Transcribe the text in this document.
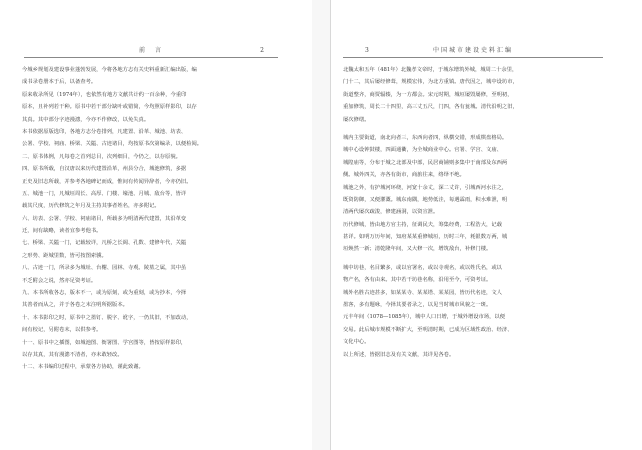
前　言	2
今城乡规划及建设事业蓬勃发展，今将各地方志有关史料重新汇编出版，编
成书录卷册本于后，以备查考。
原来收录所见（1974年），也依然有地方文献共计约一百余种，今重印
原本，且补列若干种。原书中若干部分缺叶或错简，今均照原样影印，以存
其真。其中部分字迹漫漶，今亦不作修改，以免失真。
本书依据原版选印，各地方志分卷排列，凡建置、沿革、城池、坊表、
公署、学校、祠庙、桥梁、关隘、古迹诸目，均按原书次第编录，以便检阅。
二、原书体例，凡每卷之首列总目，次列细目，今仍之，以存原貌。
四、原书所载，自汉唐以来历代建置沿革，州县分合，城池修筑，多据
正史及旧志所载，并参考各地碑记而成，惟间有传闻异辞者，今亦仍旧。
五、城池一门，凡城垣周长、高厚、门楼、壕池、月城、敌台等，皆详
载其尺度，历代修筑之年月及主持其事者姓名，亦多附记。
六、坊表、公署、学校、祠庙诸目，所载多为明清两代建置，其沿革变
迁，间有缺略，读者宜参考他书。
七、桥梁、关隘一门，记载较详，凡桥之长阔、孔数、建修年代，关隘
之形势、距城里数，皆可按图索骥。
八、古迹一门，所录多为城址、台榭、园林、寺观、陵墓之属，其中虽
不乏附会之说，然亦足资考证。
九、本书所收各志，版本不一，或为原刻，或为重刻，或为抄本，今择
其善者而从之，并于各卷之末注明所据版本。
十、本书影印之时，原书中之墨钉、脱字、讹字，一仍其旧，不加改动，
间有校记，另附卷末，以供参考。
十一、原书中之插图，如城池图、衙署图、学宫图等，皆按原样影印，
以存其真，其有漫漶不清者，亦未敢轻改。
十二、本书编印过程中，承蒙各方协助，谨此致谢。
3	中国城市建设史料汇编
北魏太和五年（481年）北魏孝文帝时，于城东增筑外城，城周二十余里，
门十二，其后屡经修葺，规模宏伟，为北方重镇。唐代因之，城中设坊市，
街道整齐，商贾辐辏，为一方都会。宋元时期，城垣屡毁屡修，至明初，
重加修筑，周长二十四里，高三丈五尺，门四，各有瓮城。清代沿明之旧，
屡次修缮。
城内主要街道，南北向者三，东西向者四，纵横交错，形成棋盘格局。
城中心设钟鼓楼，四面通衢，为全城商业中心。官署、学宫、文庙、
城隍庙等，分布于城之北部及中部，民居商铺则多集中于南部及东西两
侧。城外四关，亦各有街市，商旅往来，络绎不绝。
城池之外，有护城河环绕，河宽十余丈，深二丈许，引城西河水注之，
既资防御，又便灌溉。城东南隅，地势低洼，每遇霖雨，积水难泄，明
清两代屡次疏浚，修建涵洞，以资宣泄。
历代修城，皆由地方官主持，征调民夫，筹集经费，工程浩大，记载
甚详。如明万历年间，知府某某重修城垣，历时三年，耗银数万两，城
垣焕然一新；清乾隆年间，又大修一次，增筑敌台，补修门楼。
城中坊巷，名目繁多，或以官署名，或以寺观名，或以姓氏名，或以
物产名，各有由来。其中若干坊巷名称，沿用至今，可资考证。
城外名胜古迹甚多，如某某寺、某某塔、某某园，皆历代名迹，文人
墨客，多有题咏，今择其要者录之，以见当时城市风貌之一斑。
元丰年间（1078—1085年），城中人口日增，于城外增设市场，以便
交易。此后城市规模不断扩大，至明清时期，已成为区域性政治、经济、
文化中心。
以上所述，皆据旧志及有关文献，其详见各卷。
